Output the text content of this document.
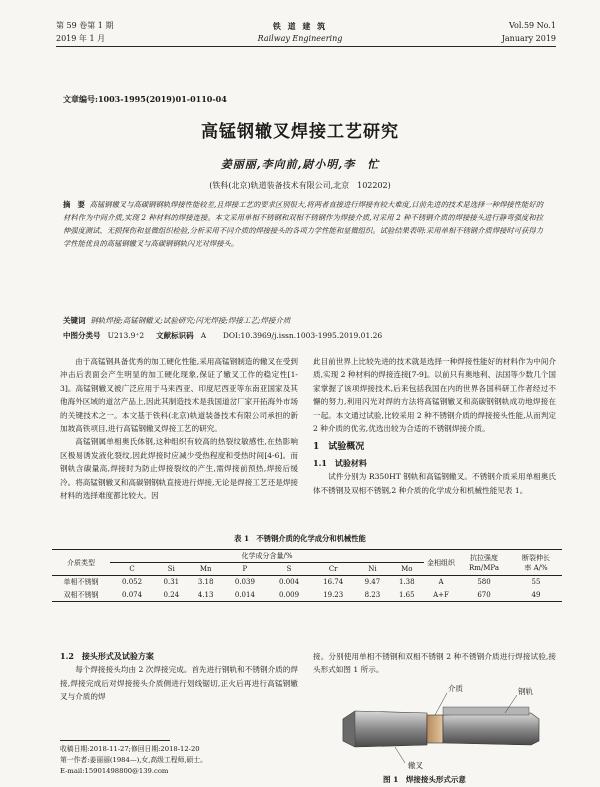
第 59 卷第 1 期
2019 年 1 月
铁 道 建 筑
Railway Engineering
Vol.59 No.1
January 2019
文章编号:1003-1995(2019)01-0110-04
高锰钢辙叉焊接工艺研究
姜丽丽,李向前,尉小明,李　忙
(铁科(北京)轨道装备技术有限公司,北京　102202)
摘　要 高锰钢辙叉与高碳钢钢轨焊接性能较差,且焊接工艺的要求区别很大,将两者直接进行焊接有较大难度,目前先进的技术是选择一种焊接性能好的材料作为中间介质,实现 2 种材料的焊接连接。本文采用单相不锈钢和双相不锈钢作为焊接介质,对采用 2 种不锈钢介质的焊接接头进行静弯强度和拉伸强度测试、无损探伤和显微组织检验,分析采用不同介质的焊接接头的各项力学性能和显微组织。试验结果表明:采用单相不锈钢介质焊接时可获得力学性能优良的高锰钢辙叉与高碳钢钢轨闪光对焊接头。
关键词 钢轨焊接;高锰钢辙叉;试验研究;闪光焊接;焊接工艺;焊接介质
中图分类号 U213.9⁺2 文献标识码 A DOI:10.3969/j.issn.1003-1995.2019.01.26

由于高锰钢具备优秀的加工硬化性能,采用高锰钢制造的辙叉在受到冲击后表面会产生明显的加工硬化现象,保证了辙叉工作的稳定性[1-3]。高锰钢辙叉被广泛应用于马来西亚、印度尼西亚等东南亚国家及其他海外区域的道岔产品上,因此其制造技术是我国道岔厂家开拓海外市场的关键技术之一。本文基于铁科(北京)轨道装备技术有限公司承担的新加坡高铁项目,进行高锰钢辙叉焊接工艺的研究。

高锰钢属单相奥氏体钢,这种组织有较高的热裂纹敏感性,在热影响区极易诱发液化裂纹,因此焊接时应减少受热程度和受热时间[4-6]。而钢轨含碳量高,焊接时为防止焊接裂纹的产生,需焊接前预热,焊接后缓冷。将高锰钢辙叉和高碳钢钢轨直接进行焊接,无论是焊接工艺还是焊接材料的选择难度都比较大。因

此目前世界上比较先进的技术就是选择一种焊接性能好的材料作为中间介质,实现 2 种材料的焊接连接[7-9]。以前只有奥地利、法国等少数几个国家掌握了该项焊接技术,后来包括我国在内的世界各国科研工作者经过不懈的努力,利用闪光对焊的方法将高锰钢辙叉和高碳钢钢轨成功地焊接在一起。本文通过试验,比较采用 2 种不锈钢介质的焊接接头性能,从而判定 2 种介质的优劣,优选出较为合适的不锈钢焊接介质。
1　试验概况
1.1　试验材料

试件分别为 R350HT 钢轨和高锰钢辙叉。不锈钢介质采用单相奥氏体不锈钢及双相不锈钢,2 种介质的化学成分和机械性能见表 1。

表 1　不锈钢介质的化学成分和机械性能
介质类型	化学成分含量/%								金相组织	抗拉强度
Rm/MPa	断裂伸长
率 A/%
	C	Si	Mn	P	S	Cr	Ni	Mo			
单相不锈钢	0.052	0.31	3.18	0.039	0.004	16.74	9.47	1.38	A	580	55
双相不锈钢	0.074	0.24	4.13	0.014	0.009	19.23	8.23	1.65	A+F	670	49
1.2　接头形式及试验方案

每个焊接接头均由 2 次焊接完成。首先进行钢轨和不锈钢介质的焊接,焊接完成后对焊接接头介质侧进行划线锯切,正火后再进行高锰钢辙叉与介质的焊

接。分别使用单相不锈钢和双相不锈钢 2 种不锈钢介质进行焊接试验,接头形式如图 1 所示。
收稿日期:2018-11-27;修回日期:2018-12-20
第一作者:姜丽丽(1984—),女,高级工程师,硕士。
E-mail:15901498800@139.com
介质	钢轨
辙叉
图 1　焊接接头形式示意
